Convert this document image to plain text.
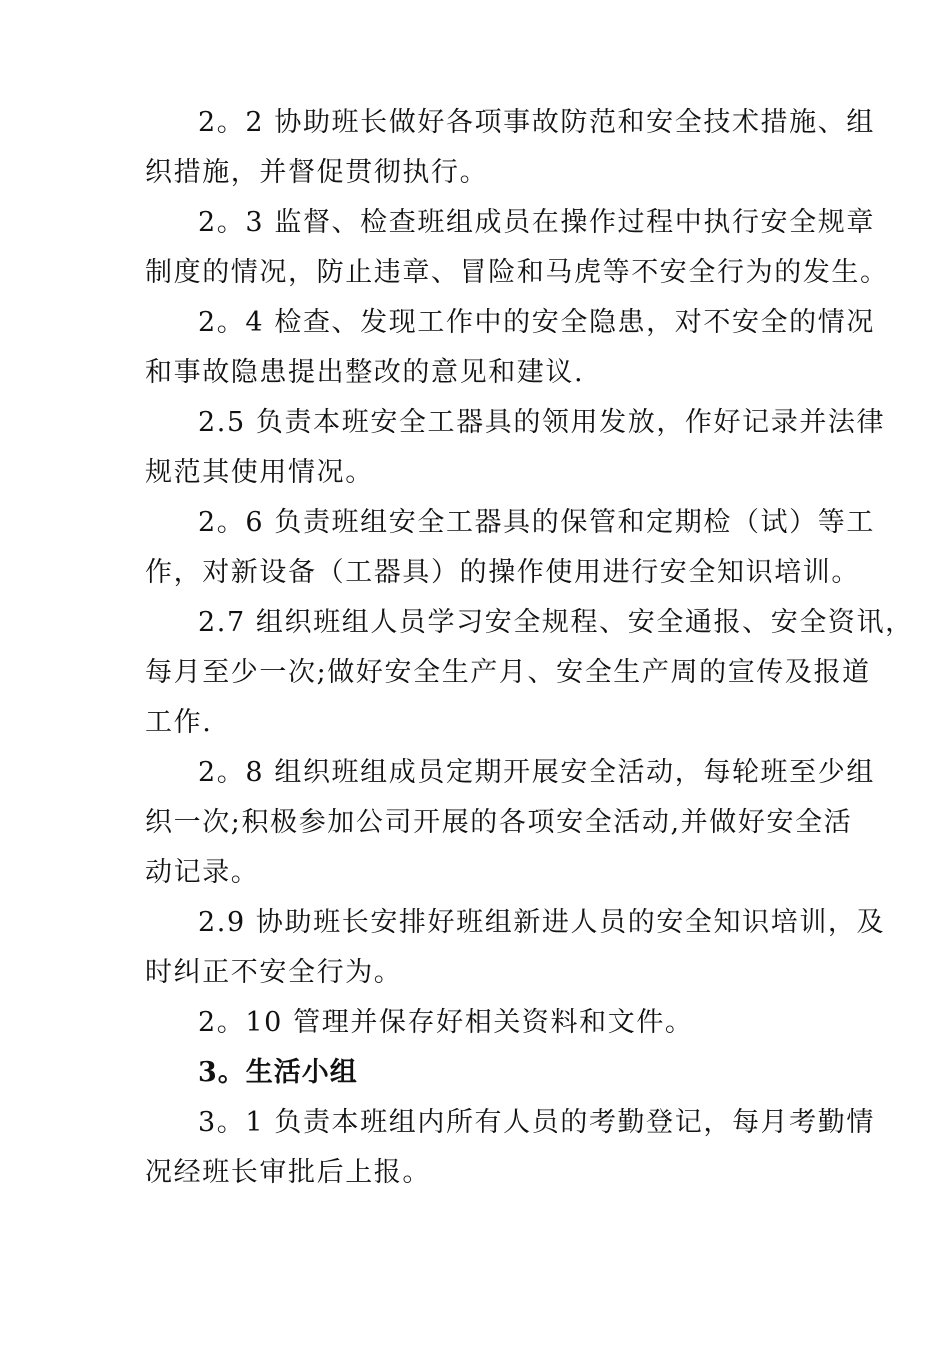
2。2 协助班长做好各项事故防范和安全技术措施、组
织措施，并督促贯彻执行。
2。3 监督、检查班组成员在操作过程中执行安全规章
制度的情况，防止违章、冒险和马虎等不安全行为的发生。
2。4 检查、发现工作中的安全隐患，对不安全的情况
和事故隐患提出整改的意见和建议.
2.5 负责本班安全工器具的领用发放，作好记录并法律
规范其使用情况。
2。6 负责班组安全工器具的保管和定期检（试）等工
作，对新设备（工器具）的操作使用进行安全知识培训。
2.7 组织班组人员学习安全规程、安全通报、安全资讯，
每月至少一次;做好安全生产月、安全生产周的宣传及报道
工作.
2。8 组织班组成员定期开展安全活动，每轮班至少组
织一次;积极参加公司开展的各项安全活动,并做好安全活
动记录。
2.9 协助班长安排好班组新进人员的安全知识培训，及
时纠正不安全行为。
2。10 管理并保存好相关资料和文件。
3。生活小组
3。1 负责本班组内所有人员的考勤登记，每月考勤情
况经班长审批后上报。
